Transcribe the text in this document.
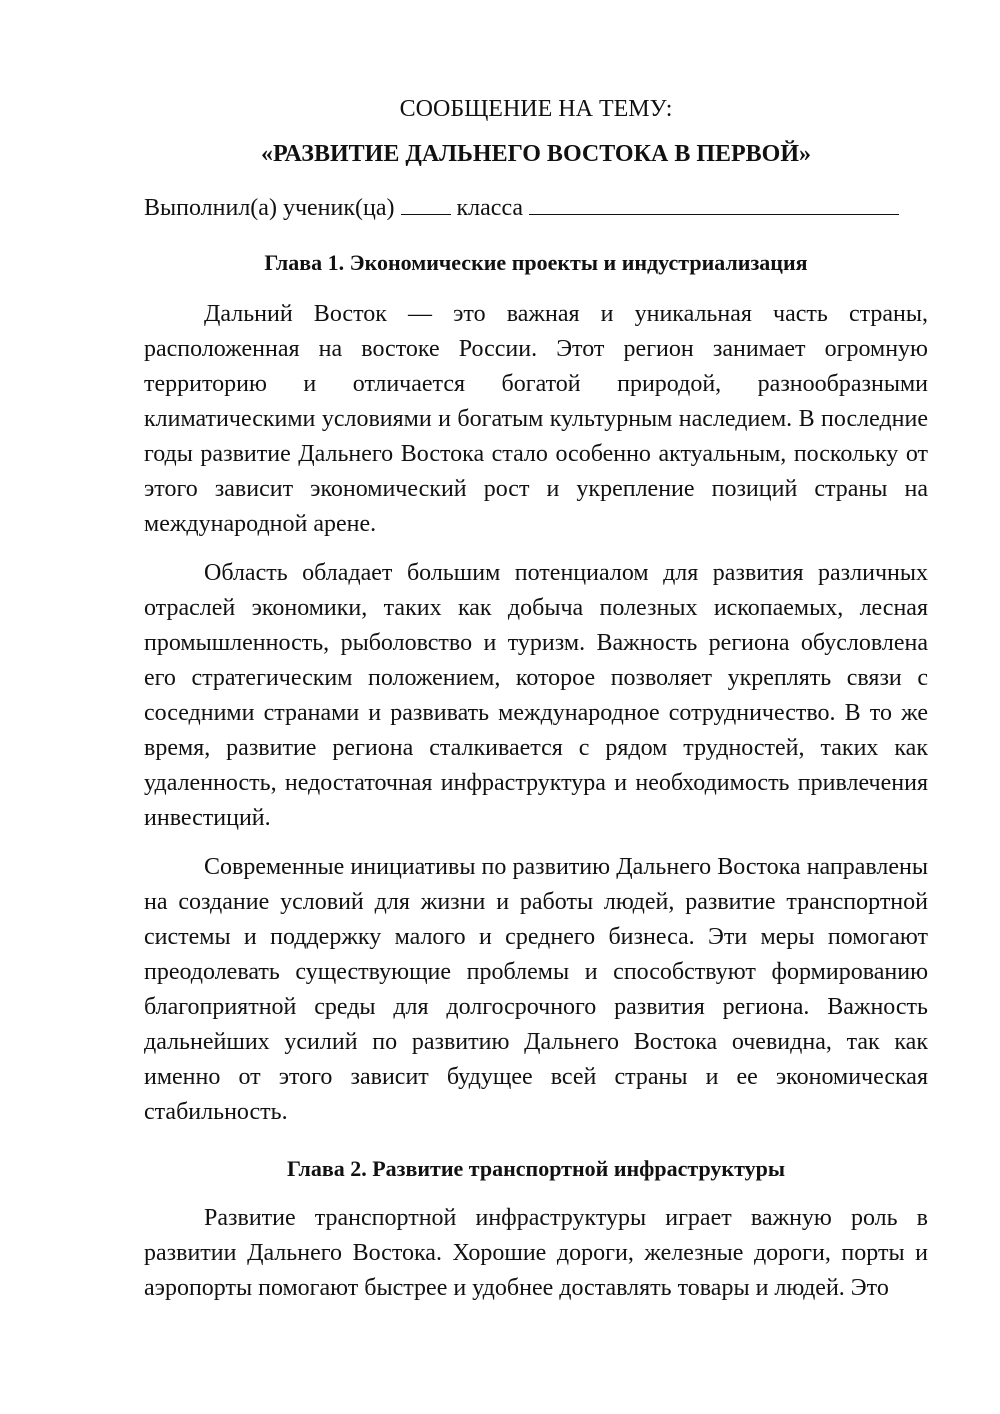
СООБЩЕНИЕ НА ТЕМУ:
«РАЗВИТИЕ ДАЛЬНЕГО ВОСТОКА В ПЕРВОЙ»
Выполнил(а) ученик(ца)	класса
Глава 1. Экономические проекты и индустриализация

Дальний Восток — это важная и уникальная часть страны, расположенная на востоке России. Этот регион занимает огромную территорию и отличается богатой природой, разнообразными климатическими условиями и богатым культурным наследием. В последние годы развитие Дальнего Востока стало особенно актуальным, поскольку от этого зависит экономический рост и укрепление позиций страны на международной арене.

Область обладает большим потенциалом для развития различных отраслей экономики, таких как добыча полезных ископаемых, лесная промышленность, рыболовство и туризм. Важность региона обусловлена его стратегическим положением, которое позволяет укреплять связи с соседними странами и развивать международное сотрудничество. В то же время, развитие региона сталкивается с рядом трудностей, таких как удаленность, недостаточная инфраструктура и необходимость привлечения инвестиций.

Современные инициативы по развитию Дальнего Востока направлены на создание условий для жизни и работы людей, развитие транспортной системы и поддержку малого и среднего бизнеса. Эти меры помогают преодолевать существующие проблемы и способствуют формированию благоприятной среды для долгосрочного развития региона. Важность дальнейших усилий по развитию Дальнего Востока очевидна, так как именно от этого зависит будущее всей страны и ее экономическая стабильность.

Глава 2. Развитие транспортной инфраструктуры

Развитие транспортной инфраструктуры играет важную роль в развитии Дальнего Востока. Хорошие дороги, железные дороги, порты и аэропорты помогают быстрее и удобнее доставлять товары и людей. Это
